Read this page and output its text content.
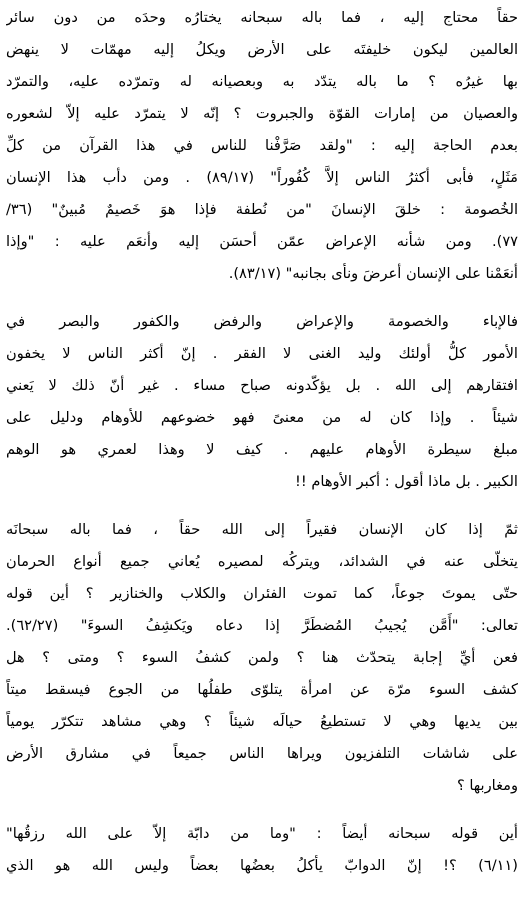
حقاً محتاج إليه ، فما باله سبحانه يختارُه وحدَه من دون سائر
العالمين ليكون خليفتَه على الأرض ويكلُ إليه مهمّات لا ينهض
بها غيرُه ؟ ما باله يتدّد به وبعصيانه له وتمرّده عليه، والتمرّد
والعصيان من إمارات القوّة والجبروت ؟ إنّه لا يتمرّد عليه إلاّ لشعوره
بعدم الحاجة إليه : "ولقد صَرَّفْنا للناس في هذا القرآن من كلِّ
مَثَلٍ، فأبى أكثرُ الناس إلاَّ كُفُوراً" (٨٩/١٧) . ومن دأب هذا الإنسان
الخُصومة : خلقَ الإنسانَ "من نُطفة فإذا هوَ خَصيمٌ مُبينٌ" (٣٦/
٧٧). ومن شأنه الإعراض عمّن أحسَن إليه وأنعَم عليه : "وإذا
أنعَمْنا على الإنسان أعرضَ ونأى بجانبه" (٨٣/١٧).
فالإباء والخصومة والإعراض والرفض والكفور والبصر في
الأمور كلُّ أولئك وليد الغنى لا الفقر . إنّ أكثر الناس لا يخفون
افتقارهم إلى الله . بل يؤكّدونه صباح مساء . غير أنّ ذلك لا يَعني
شيئاً . وإذا كان له من معنىً فهو خضوعهم للأوهام ودليل على
مبلغ سيطرة الأوهام عليهم . كيف لا وهذا لعمري هو الوهم
الكبير . بل ماذا أقول : أكبر الأوهام !!
ثمّ إذا كان الإنسان فقيراً إلى الله حقاً ، فما باله سبحانَه
يتخلّى عنه في الشدائد، ويتركُه لمصيره يُعاني جميع أنواع الحرمان
حتّى يموتَ جوعاً، كما تموت الفئران والكلاب والخنازير ؟ أين قوله
تعالى: "أَمَّن يُجيبُ المُضطَرَّ إذا دعاه ويَكشِفُ السوءَ" (٦٢/٢٧).
فعن أيِّ إجابة يتحدّث هنا ؟ ولمن كشفُ السوء ؟ ومتى ؟ هل
كشف السوء مرّة عن امرأة يتلوّى طفلُها من الجوع فيسقط ميتاً
بين يديها وهي لا تستطيعُ حيالَه شيئاً ؟ وهي مشاهد تتكرّر يومياً
على شاشات التلفزيون ويراها الناس جميعاً في مشارق الأرض
ومغاربها ؟
أين قوله سبحانه أيضاً : "وما من دابّة إلاّ على الله رزقُها"
(٦/١١) ؟! إنّ الدوابّ يأكلُ بعضُها بعضاً وليس الله هو الذي
